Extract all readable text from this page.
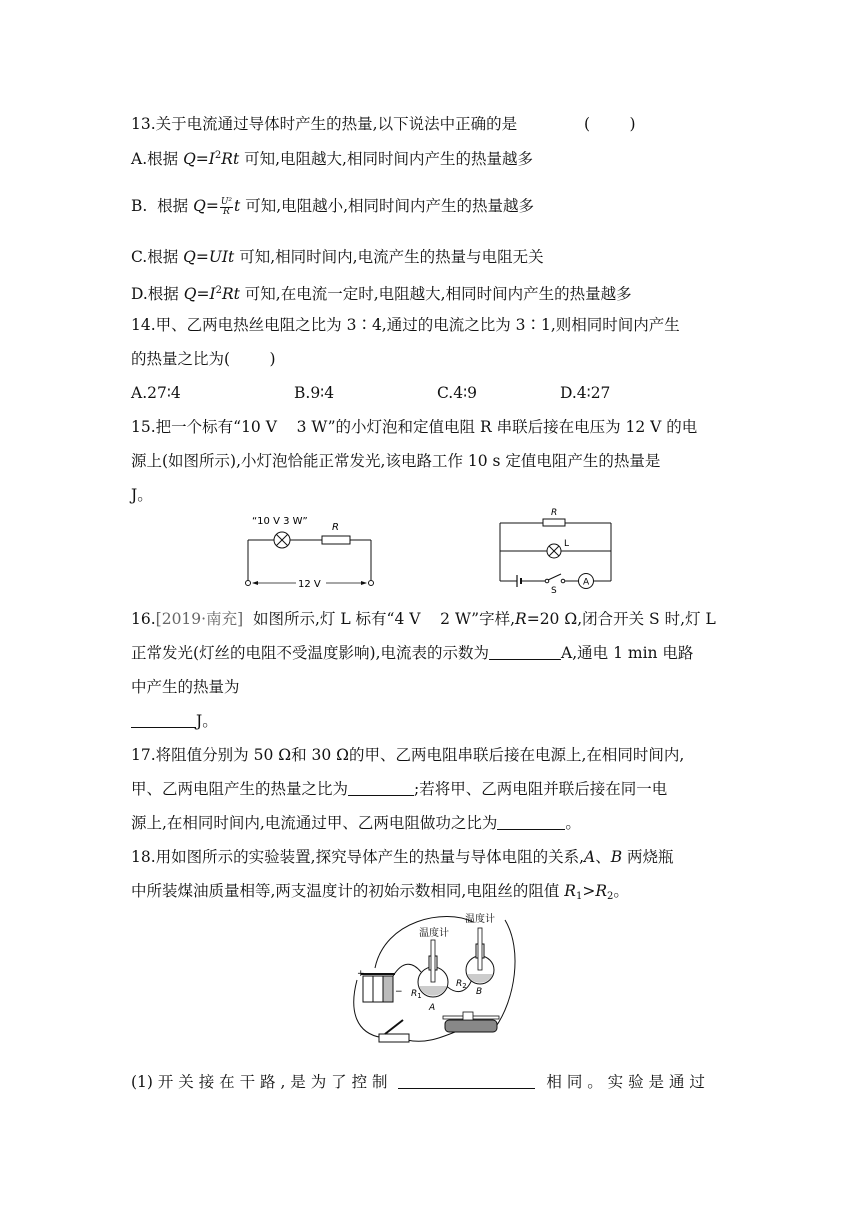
13.关于电流通过导体时产生的热量,以下说法中正确的是	(        )
A.根据 $Q=I^2Rt$ 可知,电阻越大,相同时间内产生的热量越多
B.  根据 $Q= \frac{\text{U²}}{R}$ t 可知,电阻越小,相同时间内产生的热量越多
C.根据 Q=UIt 可知,相同时间内,电流产生的热量与电阻无关
D.根据 $Q=I^2Rt$ 可知,在电流一定时,电阻越大,相同时间内产生的热量越多
14.甲、乙两电热丝电阻之比为 3∶4,通过的电流之比为 3∶1,则相同时间内产生
的热量之比为(        )
A.27∶4	B.9∶4	C.4∶9	D.4∶27
15.把一个标有“10 V    3 W”的小灯泡和定值电阻 R 串联后接在电压为 12 V 的电
源上(如图所示),小灯泡恰能正常发光,该电路工作 10 s 定值电阻产生的热量是
J。
“10 V 3 W”
R
12 V
R
L
S
A
16.[2019·南充]  如图所示,灯 L 标有“4 V    2 W”字样,R=20 Ω,闭合开关 S 时,灯 L
正常发光(灯丝的电阻不受温度影响),电流表的示数为	A,通电 1 min 电路
中产生的热量为
J。
17.将阻值分别为 50 Ω和 30 Ω的甲、乙两电阻串联后接在电源上,在相同时间内,
甲、乙两电阻产生的热量之比为	;若将甲、乙两电阻并联后接在同一电
源上,在相同时间内,电流通过甲、乙两电阻做功之比为	。
18.用如图所示的实验装置,探究导体产生的热量与导体电阻的关系,A、B 两烧瓶
中所装煤油质量相等,两支温度计的初始示数相同,电阻丝的阻值 $R_1>R_2$。
+
−
温度计
$R_1$
A
温度计
$R_2$
B
(1) 开 关 接 在 干 路 , 是 为 了 控 制	相 同 。 实 验 是 通 过
